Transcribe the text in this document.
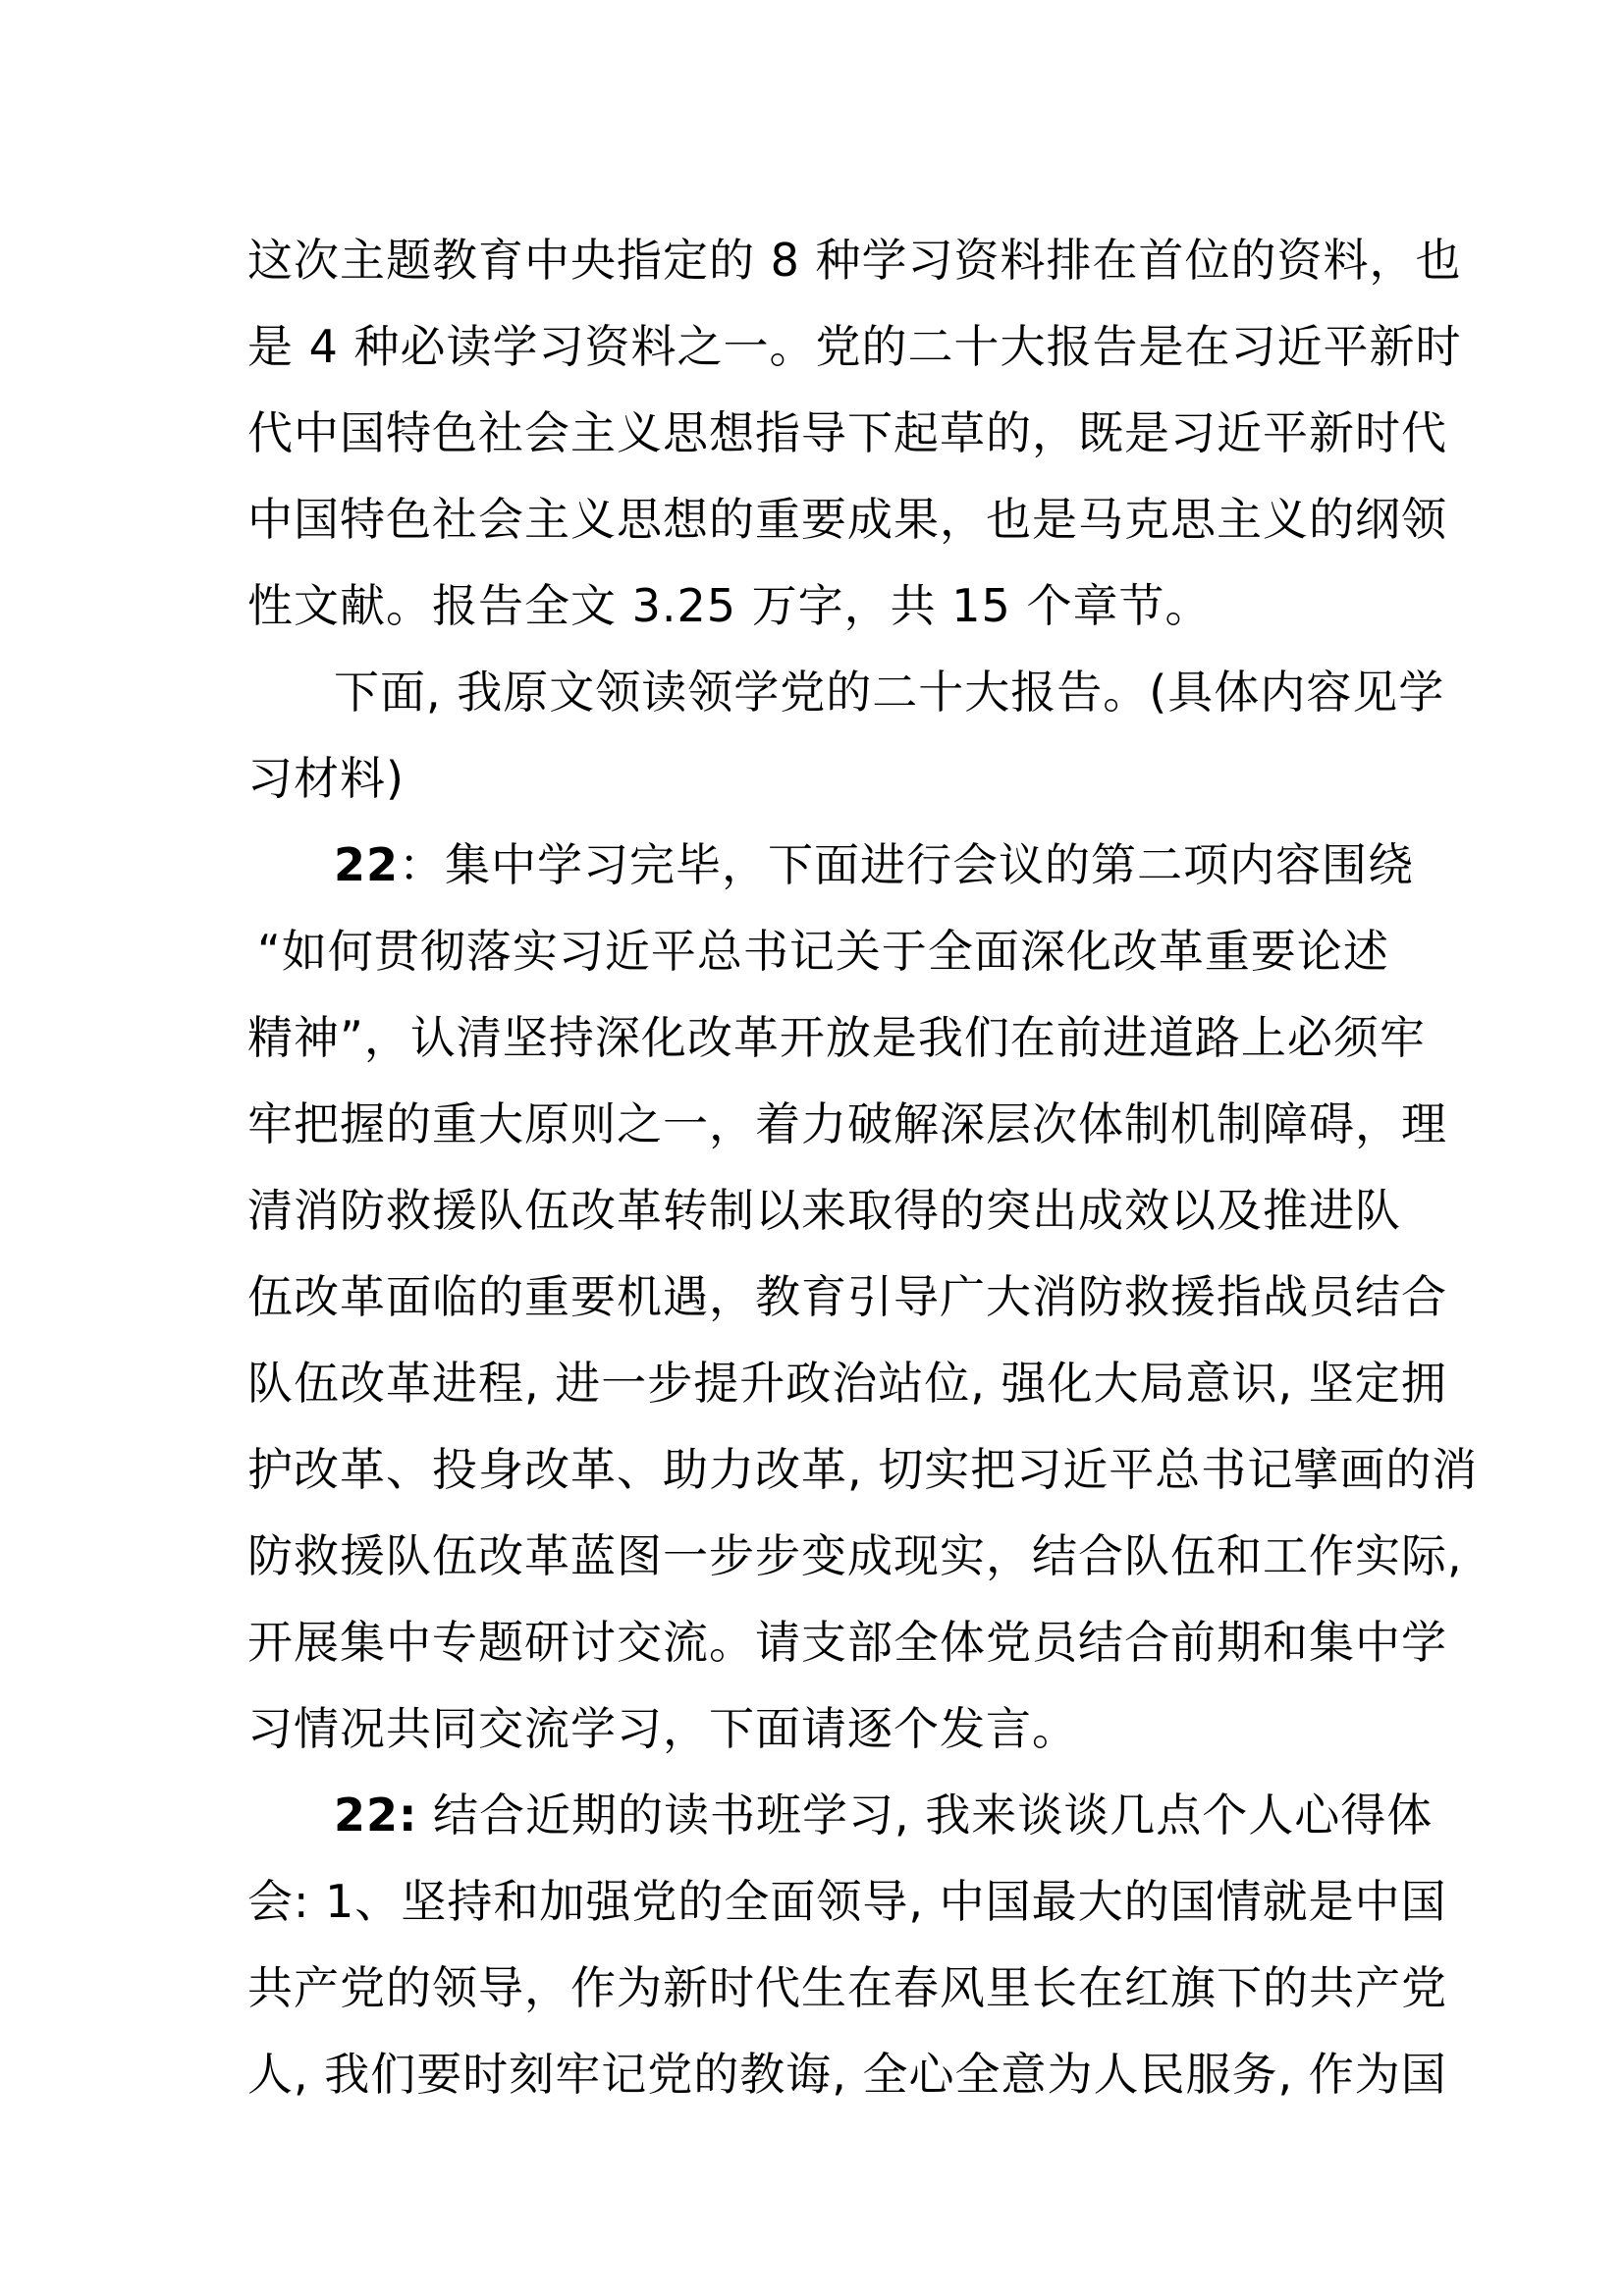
这次主题教育中央指定的 8 种学习资料排在首位的资料，也
是 4 种必读学习资料之一。党的二十大报告是在习近平新时
代中国特色社会主义思想指导下起草的，既是习近平新时代
中国特色社会主义思想的重要成果，也是马克思主义的纲领
性文献。报告全文 3.25 万字，共 15 个章节。
下面, 我原文领读领学党的二十大报告。(具体内容见学
习材料)
22：集中学习完毕，下面进行会议的第二项内容围绕
“如何贯彻落实习近平总书记关于全面深化改革重要论述
精神”，认清坚持深化改革开放是我们在前进道路上必须牢
牢把握的重大原则之一，着力破解深层次体制机制障碍，理
清消防救援队伍改革转制以来取得的突出成效以及推进队
伍改革面临的重要机遇，教育引导广大消防救援指战员结合
队伍改革进程, 进一步提升政治站位, 强化大局意识, 坚定拥
护改革、投身改革、助力改革, 切实把习近平总书记擘画的消
防救援队伍改革蓝图一步步变成现实，结合队伍和工作实际,
开展集中专题研讨交流。请支部全体党员结合前期和集中学
习情况共同交流学习，下面请逐个发言。
22: 结合近期的读书班学习, 我来谈谈几点个人心得体
会: 1、坚持和加强党的全面领导, 中国最大的国情就是中国
共产党的领导，作为新时代生在春风里长在红旗下的共产党
人, 我们要时刻牢记党的教诲, 全心全意为人民服务, 作为国
